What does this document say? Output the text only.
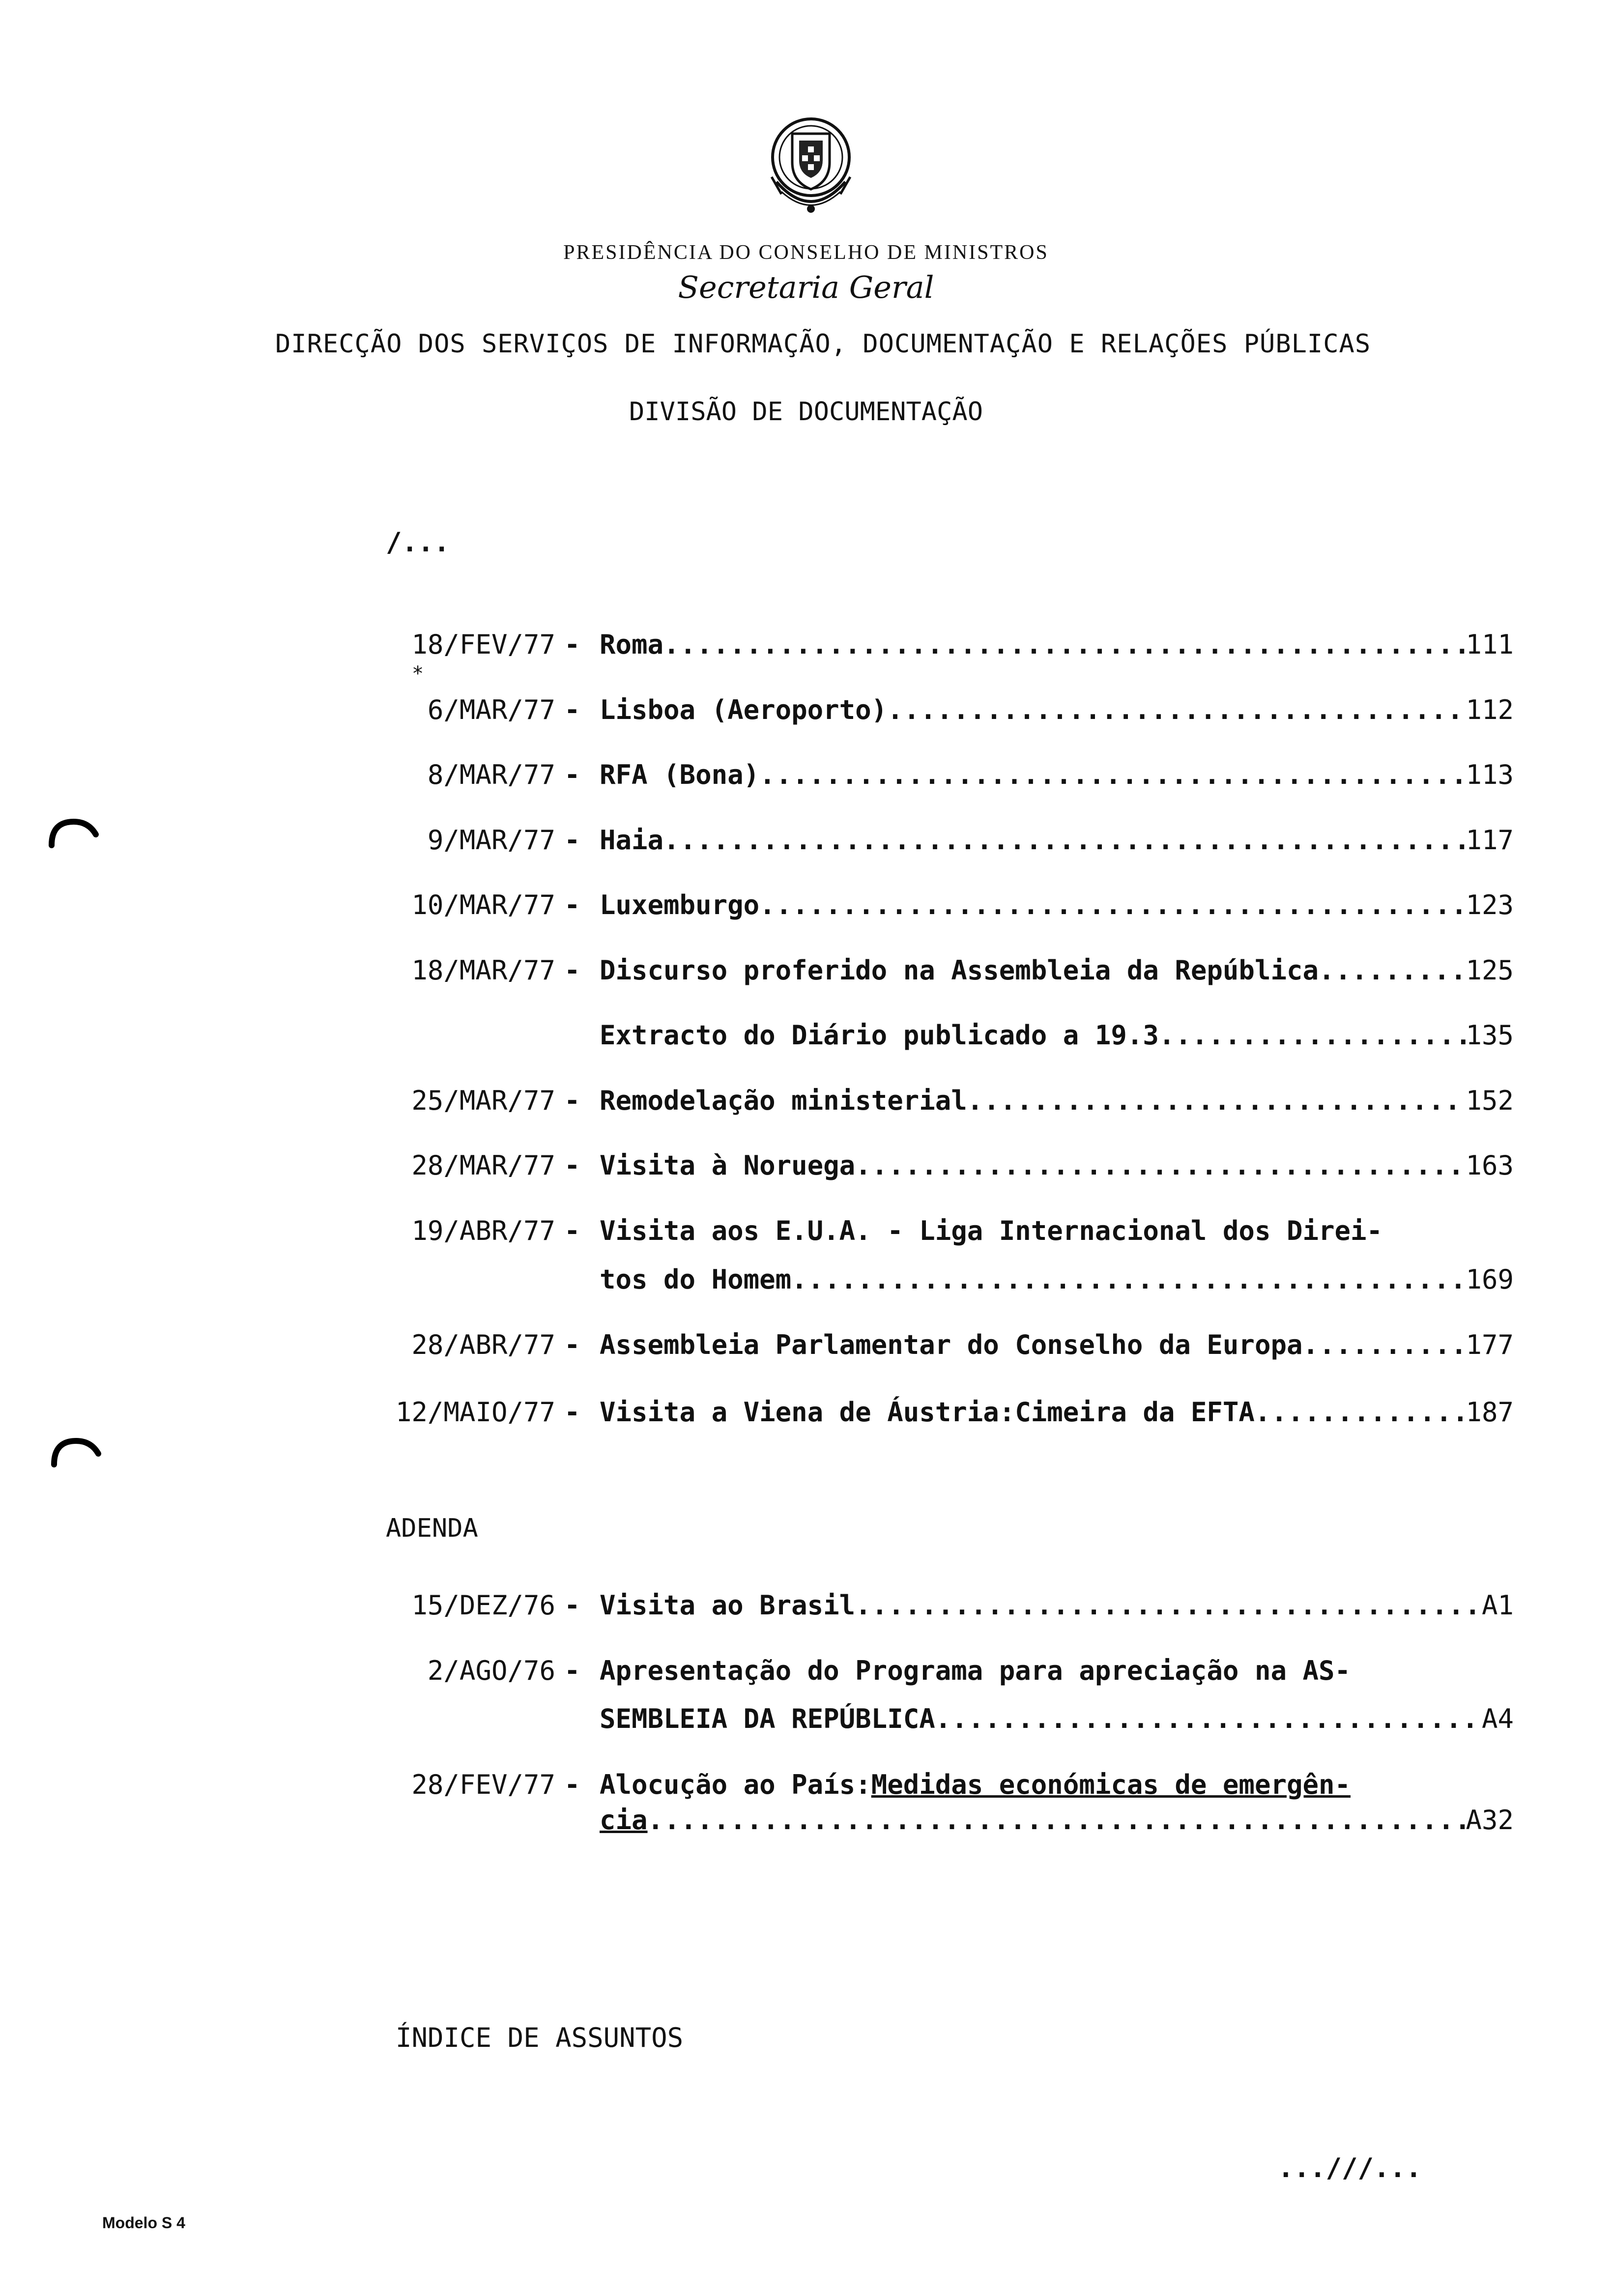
PRESIDÊNCIA DO CONSELHO DE MINISTROS
Secretaria Geral
DIRECÇÃO DOS SERVIÇOS DE INFORMAÇÃO, DOCUMENTAÇÃO E RELAÇÕES PÚBLICAS
DIVISÃO DE DOCUMENTAÇÃO
/...
18/FEV/77 - Roma .....	111
*
6/MAR/77 - Lisboa (Aeroporto) .....	112
8/MAR/77 - RFA (Bona) .....	113
9/MAR/77 - Haia .....	117
10/MAR/77 - Luxemburgo .....	123
18/MAR/77 - Discurso proferido na Assembleia da República .....	125
Extracto do Diário publicado a 19.3 .....	135
25/MAR/77 - Remodelação ministerial .....	152
28/MAR/77 - Visita à Noruega .....	163
19/ABR/77 - Visita aos E.U.A. - Liga Internacional dos Direi-
tos do Homem .....	169
28/ABR/77 - Assembleia Parlamentar do Conselho da Europa .....	177
12/MAIO/77 - Visita a Viena de Áustria:Cimeira da EFTA .....	187
ADENDA
15/DEZ/76 - Visita ao Brasil .....	A1
2/AGO/76 - Apresentação do Programa para apreciação na AS-
SEMBLEIA DA REPÚBLICA .....	A4
28/FEV/77 - Alocução ao País:Medidas económicas de emergên-
cia .....	A32
ÍNDICE DE ASSUNTOS
...///...
Modelo S 4
